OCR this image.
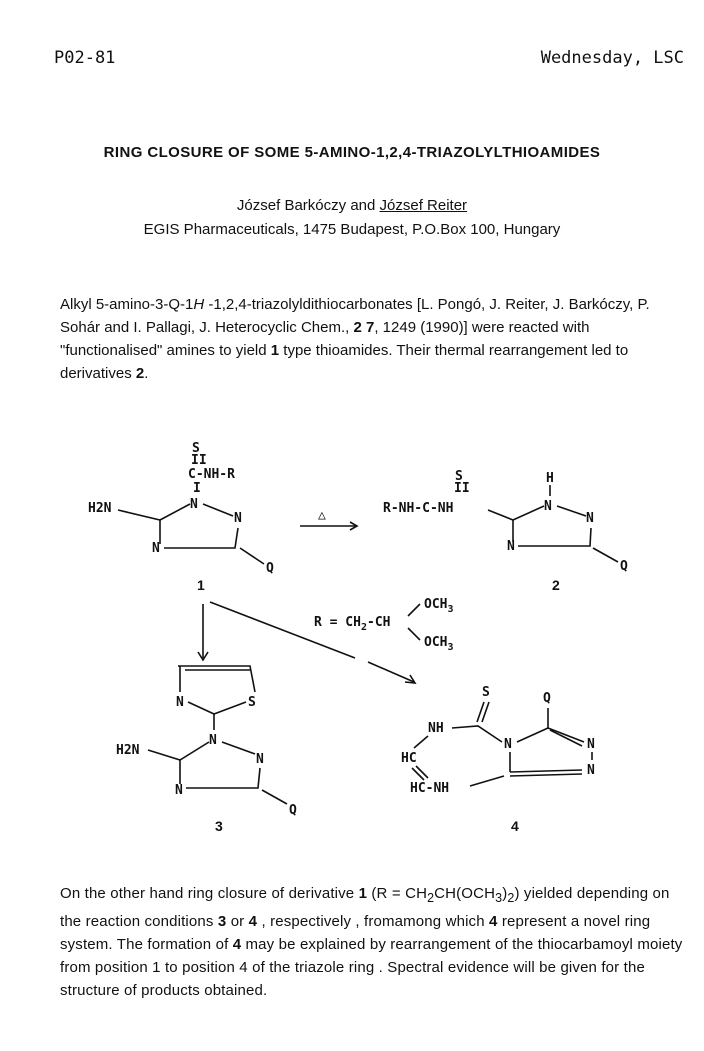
P02-81	Wednesday, LSC
RING CLOSURE OF SOME 5-AMINO-1,2,4-TRIAZOLYLTHIOAMIDES
József Barkóczy and József Reiter
EGIS Pharmaceuticals, 1475 Budapest, P.O.Box 100, Hungary
Alkyl 5-amino-3-Q-1H -1,2,4-triazolyldithiocarbonates [L. Pongó, J. Reiter, J. Barkóczy, P. Sohár and I. Pallagi, J. Heterocyclic Chem., 2 7, 1249 (1990)] were reacted with "functionalised" amines to yield 1 type thioamides. Their thermal rearrangement led to derivatives 2.
S
II
C-NH-R
I
H2N	N
N
N
Q
△
S
II
R-NH-C-NH
H
N
N
N
Q
1	2
$R = CH_2-CH$
$OCH_3$
$OCH_3$
N	S
H2N
N
N
N
Q
S	Q
NH
HC
HC-NH
N	N
N
3	4
On the other hand ring closure of derivative 1 $(R = CH_2CH(OCH_3)_2)$ yielded depending on the reaction conditions 3 or 4 , respectively , fromamong which 4 represent a novel ring system. The formation of 4 may be explained by rearrangement of the thiocarbamoyl moiety from position 1 to position 4 of the triazole ring . Spectral evidence will be given for the structure of products obtained.
